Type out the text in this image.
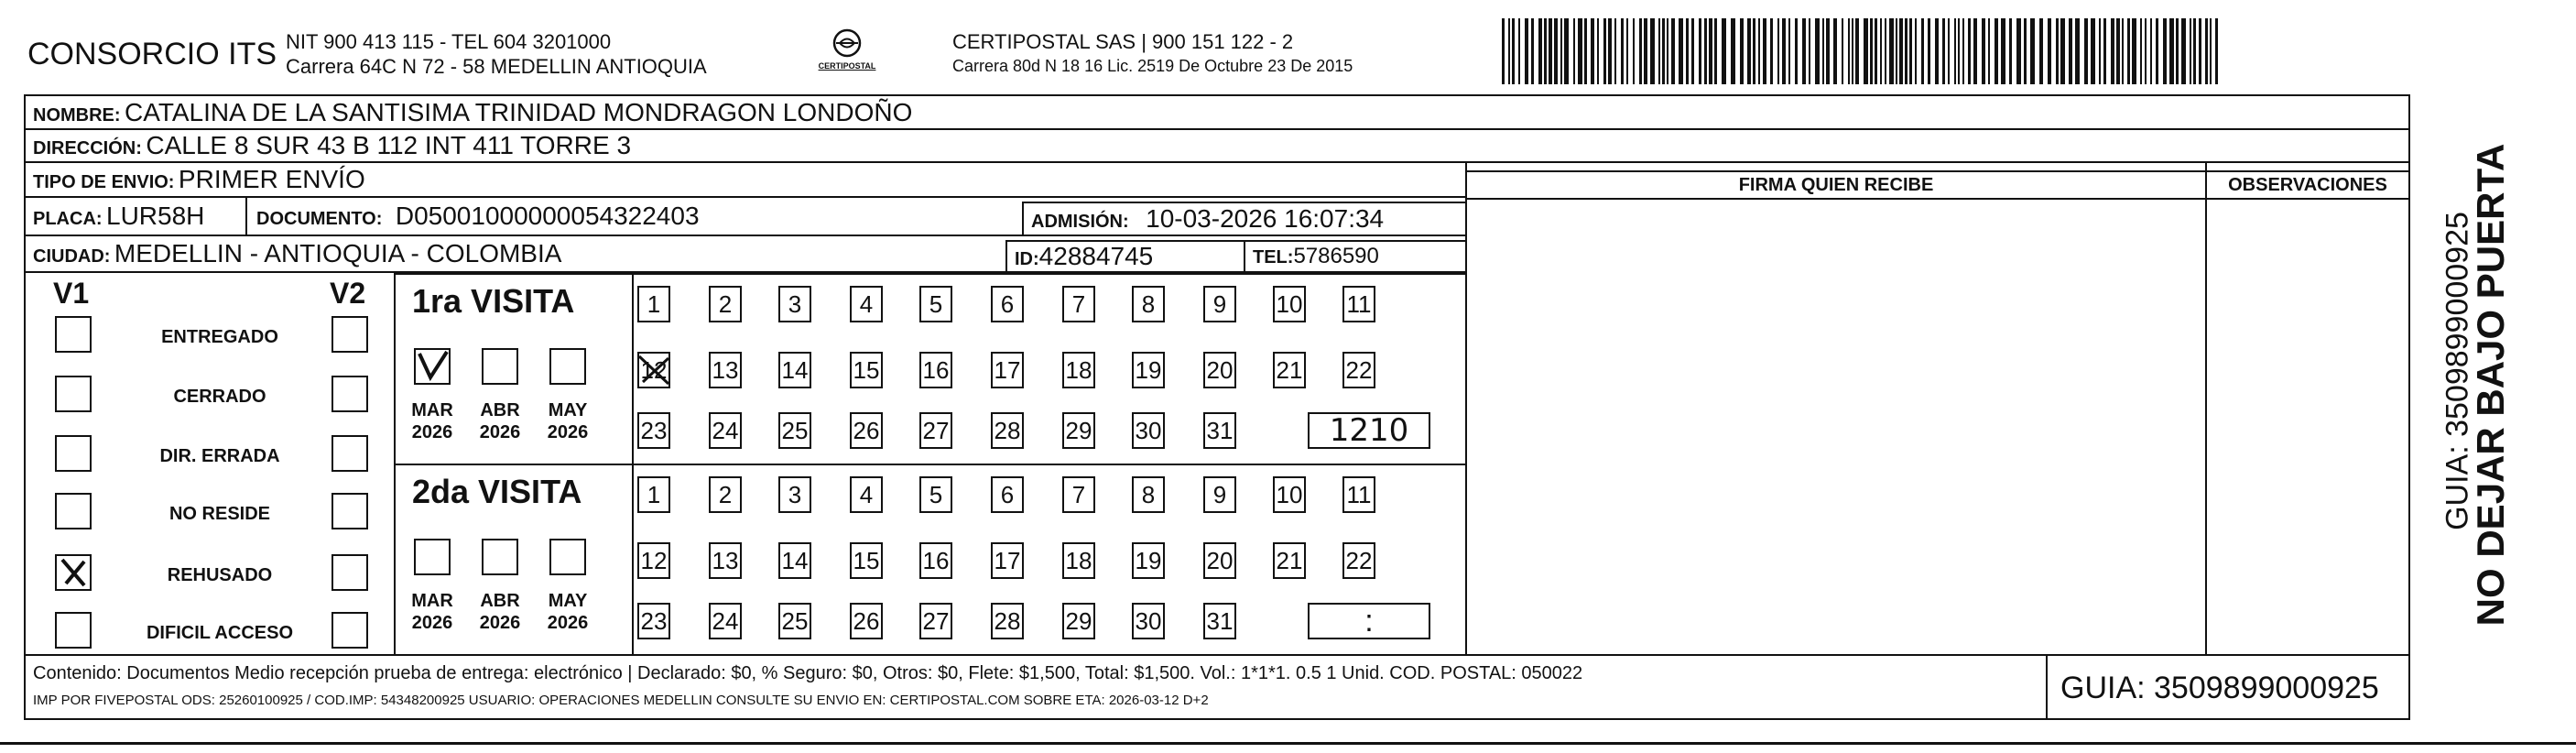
CONSORCIO ITS NIT 900 413 115 - TEL 604 3201000
Carrera 64C N 72 - 58 MEDELLIN ANTIOQUIA	CERTIPOSTAL
CERTIPOSTAL SAS | 900 151 122 - 2
Carrera 80d N 18 16 Lic. 2519 De Octubre 23 De 2015
NOMBRE: CATALINA DE LA SANTISIMA TRINIDAD MONDRAGON LONDOÑO
DIRECCIÓN: CALLE 8 SUR 43 B 112 INT 411 TORRE 3
TIPO DE ENVIO: PRIMER ENVÍO
PLACA: LUR58H	DOCUMENTO: D05001000000054322403	ADMISIÓN: 10-03-2026 16:07:34
CIUDAD: MEDELLIN - ANTIOQUIA - COLOMBIA	ID:42884745	TEL:5786590
FIRMA QUIEN RECIBE	OBSERVACIONES
V1	V2
ENTREGADO
CERRADO
DIR. ERRADA
NO RESIDE
REHUSADO
DIFICIL ACCESO
1ra VISITA
MAR
2026
ABR
2026
MAY
2026
1 2 3 4 5 6 7 8 9 10 11
12 13 14 15 16 17 18 19 20 21 22
23 24 25 26 27 28 29 30 31	1210
2da VISITA
MAR
2026
ABR
2026
MAY
2026
1 2 3 4 5 6 7 8 9 10 11
12 13 14 15 16 17 18 19 20 21 22
23 24 25 26 27 28 29 30 31	:
Contenido: Documentos Medio recepción prueba de entrega: electrónico | Declarado: $0, % Seguro: $0, Otros: $0, Flete: $1,500, Total: $1,500. Vol.: 1*1*1. 0.5 1 Unid. COD. POSTAL: 050022
IMP POR FIVEPOSTAL ODS: 25260100925 / COD.IMP: 54348200925 USUARIO: OPERACIONES MEDELLIN CONSULTE SU ENVIO EN: CERTIPOSTAL.COM SOBRE ETA: 2026-03-12 D+2	GUIA: 3509899000925
NO DEJAR BAJO PUERTA
GUIA: 3509899000925
